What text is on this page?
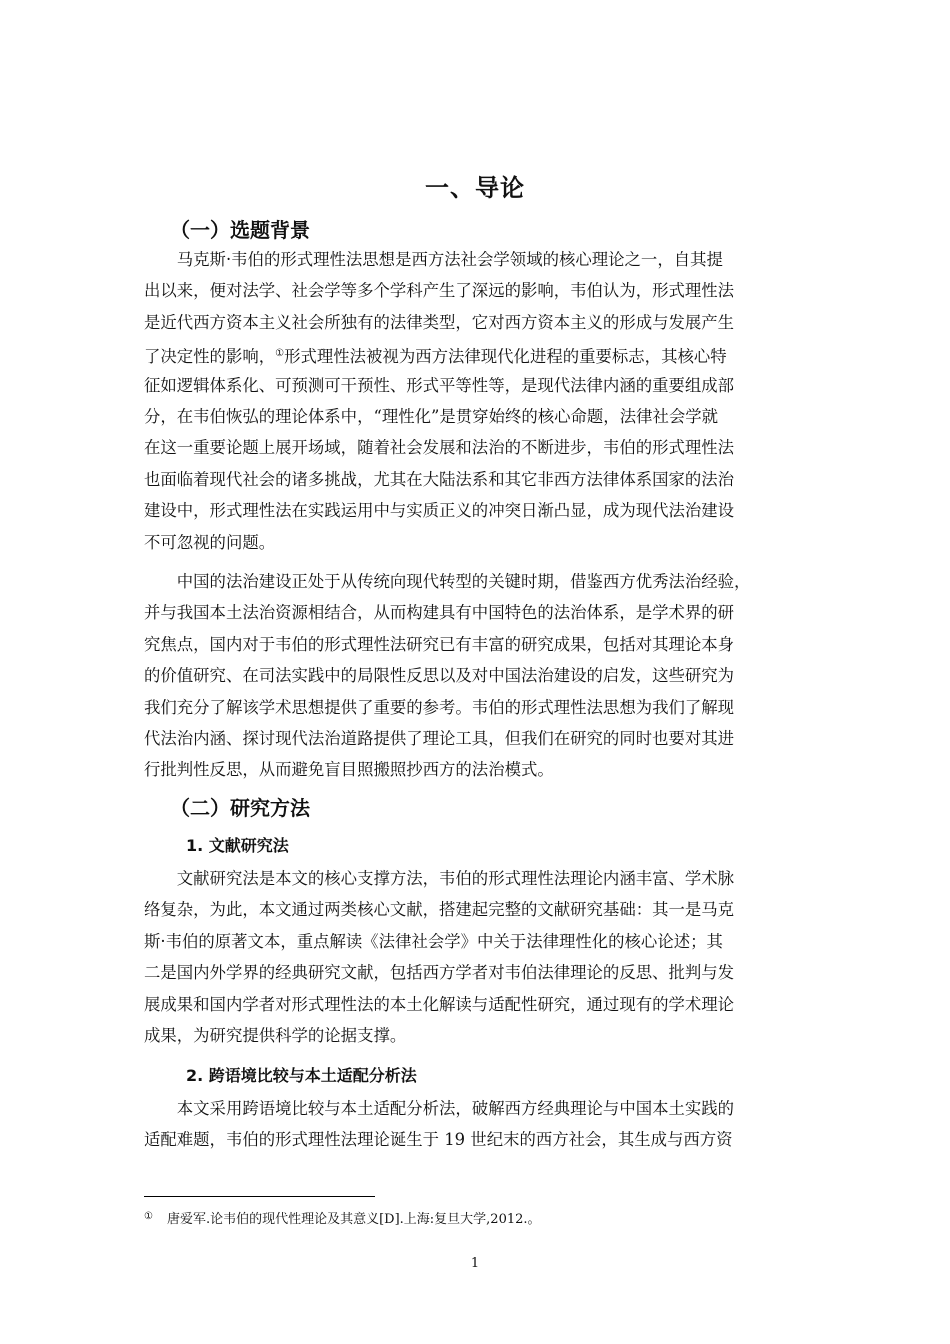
一、导论
（一）选题背景
　　马克斯·韦伯的形式理性法思想是西方法社会学领域的核心理论之一，自其提
出以来，便对法学、社会学等多个学科产生了深远的影响，韦伯认为，形式理性法
是近代西方资本主义社会所独有的法律类型，它对西方资本主义的形成与发展产生
了决定性的影响，①形式理性法被视为西方法律现代化进程的重要标志，其核心特
征如逻辑体系化、可预测可干预性、形式平等性等，是现代法律内涵的重要组成部
分，在韦伯恢弘的理论体系中，“理性化”是贯穿始终的核心命题，法律社会学就
在这一重要论题上展开场域，随着社会发展和法治的不断进步，韦伯的形式理性法
也面临着现代社会的诸多挑战，尤其在大陆法系和其它非西方法律体系国家的法治
建设中，形式理性法在实践运用中与实质正义的冲突日渐凸显，成为现代法治建设
不可忽视的问题。
　　中国的法治建设正处于从传统向现代转型的关键时期，借鉴西方优秀法治经验，
并与我国本土法治资源相结合，从而构建具有中国特色的法治体系，是学术界的研
究焦点，国内对于韦伯的形式理性法研究已有丰富的研究成果，包括对其理论本身
的价值研究、在司法实践中的局限性反思以及对中国法治建设的启发，这些研究为
我们充分了解该学术思想提供了重要的参考。韦伯的形式理性法思想为我们了解现
代法治内涵、探讨现代法治道路提供了理论工具，但我们在研究的同时也要对其进
行批判性反思，从而避免盲目照搬照抄西方的法治模式。
（二）研究方法
1. 文献研究法
　　文献研究法是本文的核心支撑方法，韦伯的形式理性法理论内涵丰富、学术脉
络复杂，为此，本文通过两类核心文献，搭建起完整的文献研究基础：其一是马克
斯·韦伯的原著文本，重点解读《法律社会学》中关于法律理性化的核心论述；其
二是国内外学界的经典研究文献，包括西方学者对韦伯法律理论的反思、批判与发
展成果和国内学者对形式理性法的本土化解读与适配性研究，通过现有的学术理论
成果，为研究提供科学的论据支撑。
2. 跨语境比较与本土适配分析法
　　本文采用跨语境比较与本土适配分析法，破解西方经典理论与中国本土实践的
适配难题，韦伯的形式理性法理论诞生于 19 世纪末的西方社会，其生成与西方资
① 唐爱军.论韦伯的现代性理论及其意义[D].上海:复旦大学,2012.。
1
